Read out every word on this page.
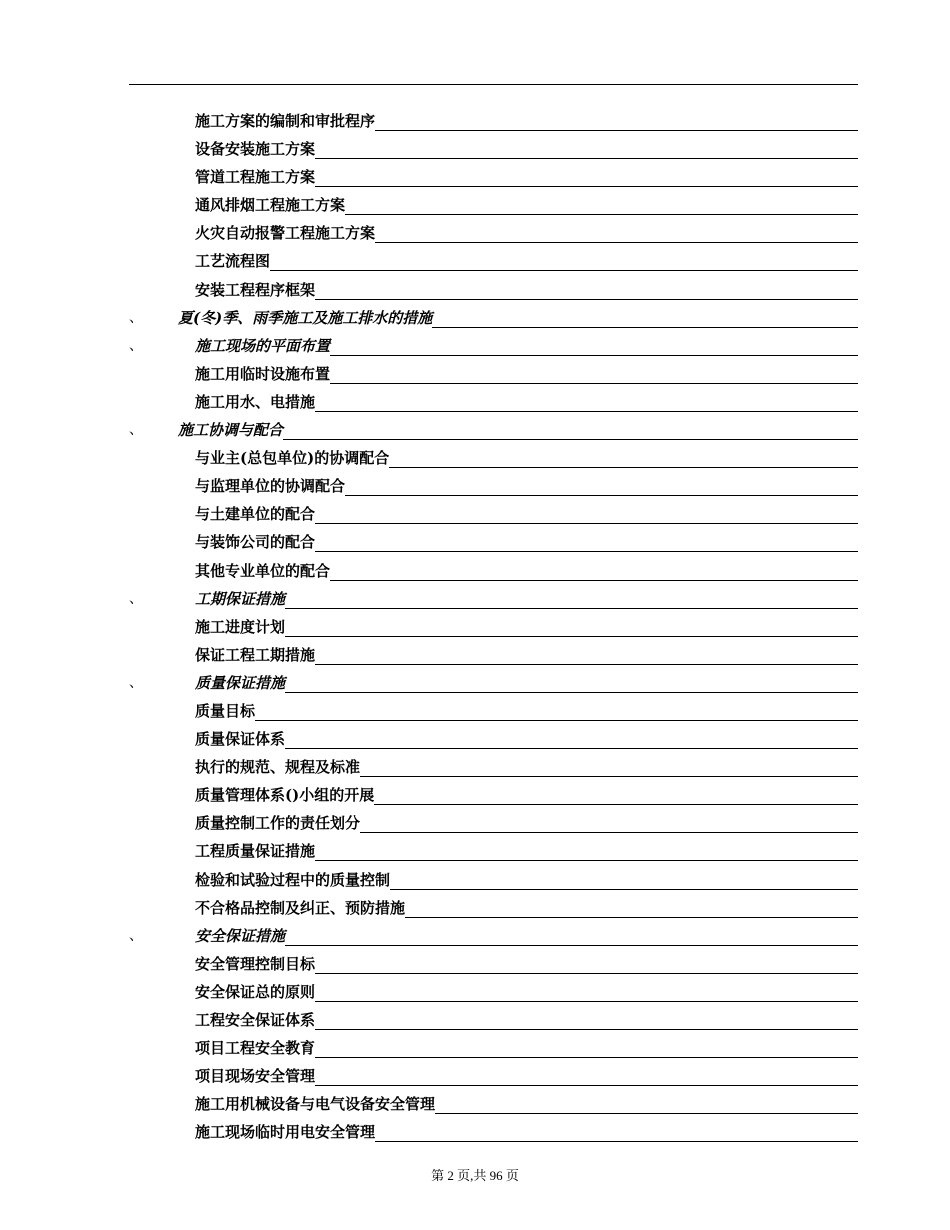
施工方案的编制和审批程序
设备安装施工方案
管道工程施工方案
通风排烟工程施工方案
火灾自动报警工程施工方案
工艺流程图
安装工程程序框架
、 夏(冬)季、雨季施工及施工排水的措施
、	施工现场的平面布置
施工用临时设施布置
施工用水、电措施
、 施工协调与配合
与业主(总包单位)的协调配合
与监理单位的协调配合
与土建单位的配合
与装饰公司的配合
其他专业单位的配合
、	工期保证措施
施工进度计划
保证工程工期措施
、	质量保证措施
质量目标
质量保证体系
执行的规范、规程及标准
质量管理体系()小组的开展
质量控制工作的责任划分
工程质量保证措施
检验和试验过程中的质量控制
不合格品控制及纠正、预防措施
、	安全保证措施
安全管理控制目标
安全保证总的原则
工程安全保证体系
项目工程安全教育
项目现场安全管理
施工用机械设备与电气设备安全管理
施工现场临时用电安全管理
第 2 页,共 96 页
